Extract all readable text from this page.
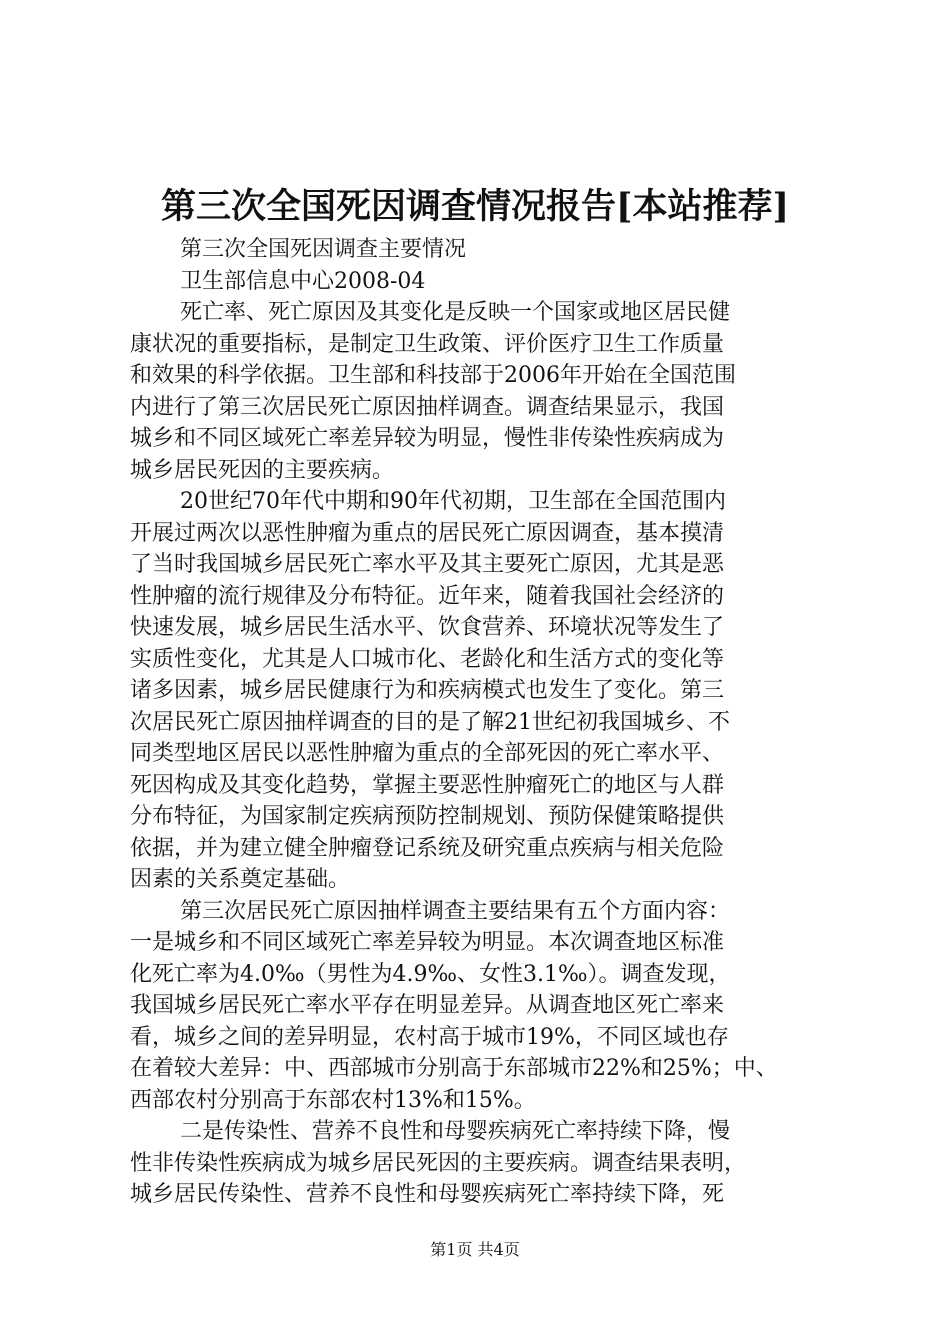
第三次全国死因调查情况报告[本站推荐]
第三次全国死因调查主要情况
卫生部信息中心2008-04
死亡率、死亡原因及其变化是反映一个国家或地区居民健
康状况的重要指标，是制定卫生政策、评价医疗卫生工作质量
和效果的科学依据。卫生部和科技部于2006年开始在全国范围
内进行了第三次居民死亡原因抽样调查。调查结果显示，我国
城乡和不同区域死亡率差异较为明显，慢性非传染性疾病成为
城乡居民死因的主要疾病。
20世纪70年代中期和90年代初期，卫生部在全国范围内
开展过两次以恶性肿瘤为重点的居民死亡原因调查，基本摸清
了当时我国城乡居民死亡率水平及其主要死亡原因，尤其是恶
性肿瘤的流行规律及分布特征。近年来，随着我国社会经济的
快速发展，城乡居民生活水平、饮食营养、环境状况等发生了
实质性变化，尤其是人口城市化、老龄化和生活方式的变化等
诸多因素，城乡居民健康行为和疾病模式也发生了变化。第三
次居民死亡原因抽样调查的目的是了解21世纪初我国城乡、不
同类型地区居民以恶性肿瘤为重点的全部死因的死亡率水平、
死因构成及其变化趋势，掌握主要恶性肿瘤死亡的地区与人群
分布特征，为国家制定疾病预防控制规划、预防保健策略提供
依据，并为建立健全肿瘤登记系统及研究重点疾病与相关危险
因素的关系奠定基础。
第三次居民死亡原因抽样调查主要结果有五个方面内容：
一是城乡和不同区域死亡率差异较为明显。本次调查地区标准
化死亡率为4.0‰（男性为4.9‰、女性3.1‰）。调查发现，
我国城乡居民死亡率水平存在明显差异。从调查地区死亡率来
看，城乡之间的差异明显，农村高于城市19%，不同区域也存
在着较大差异：中、西部城市分别高于东部城市22%和25%；中、
西部农村分别高于东部农村13%和15%。
二是传染性、营养不良性和母婴疾病死亡率持续下降，慢
性非传染性疾病成为城乡居民死因的主要疾病。调查结果表明，
城乡居民传染性、营养不良性和母婴疾病死亡率持续下降，死
第1页 共4页
